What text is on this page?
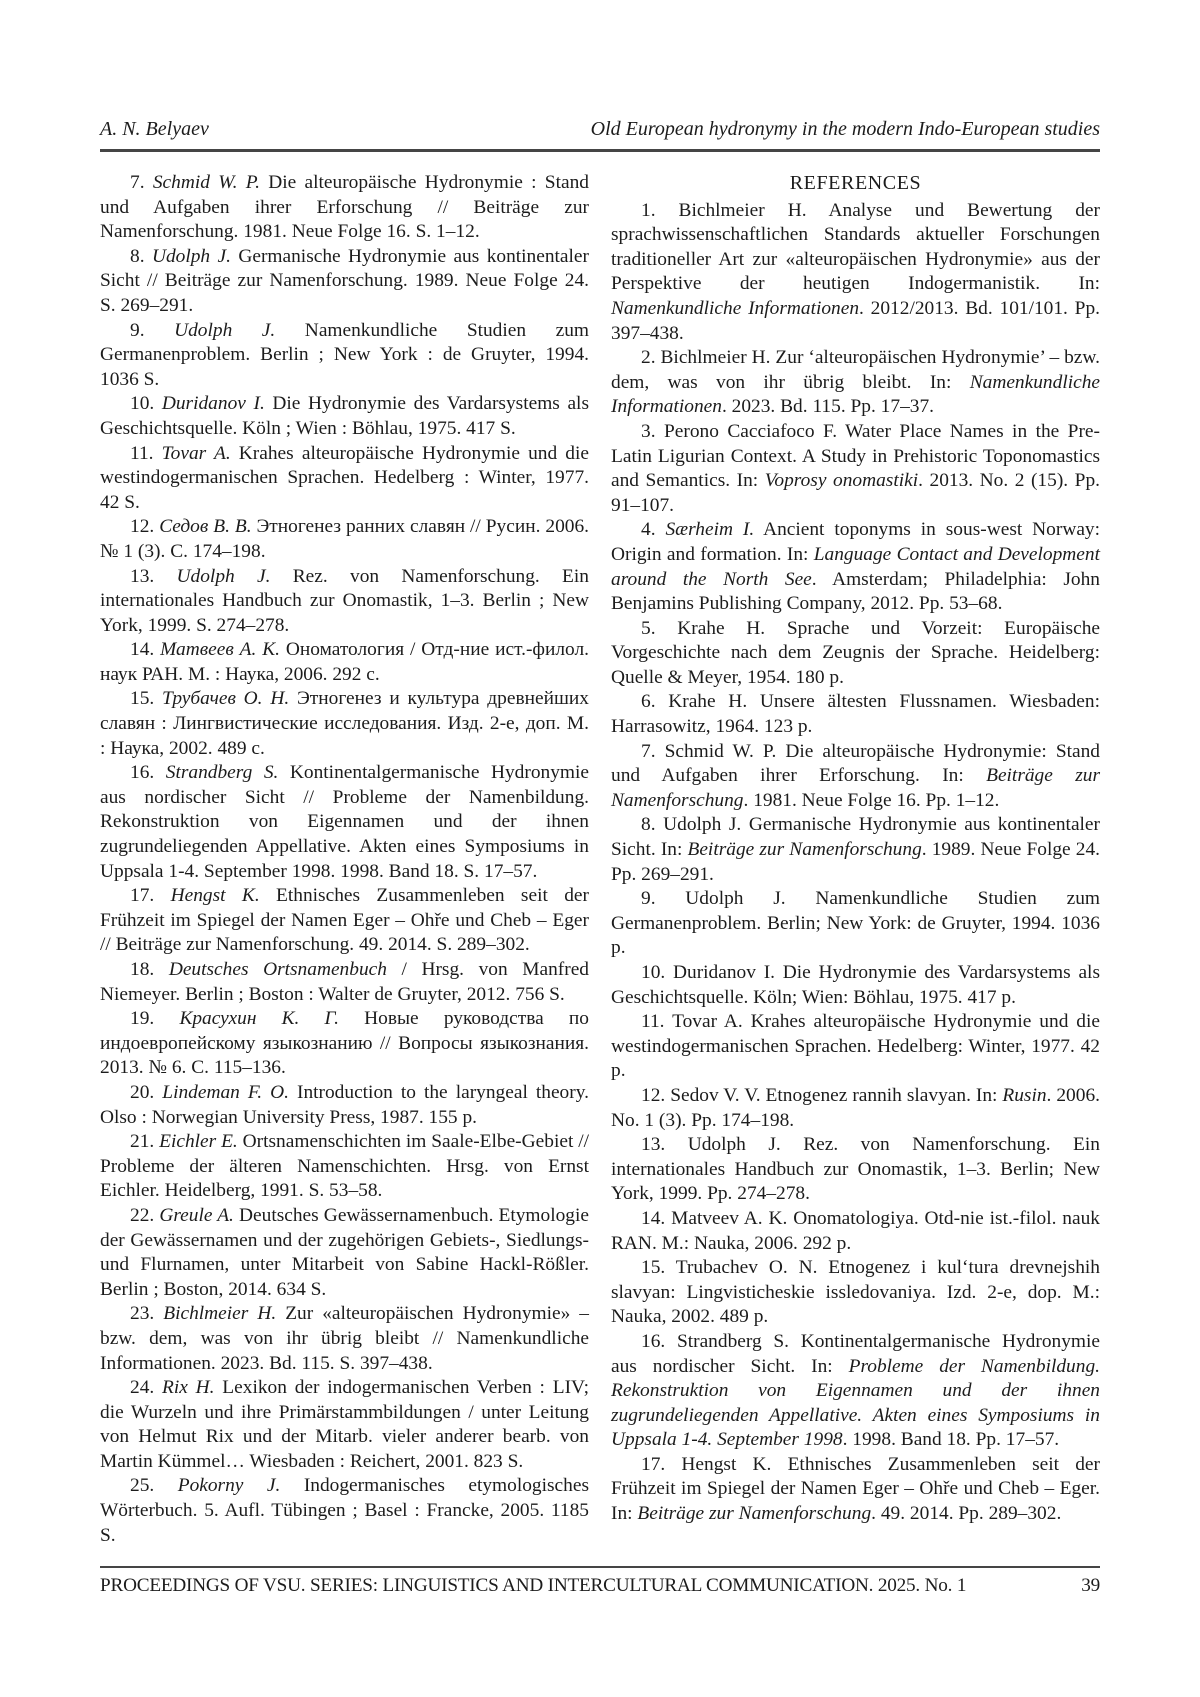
A. N. Belyaev	Old European hydronymy in the modern Indo-European studies

7. Schmid W. P. Die alteuropäische Hydronymie : Stand und Aufgaben ihrer Erforschung // Beiträge zur Namenforschung. 1981. Neue Folge 16. S. 1–12.

8. Udolph J. Germanische Hydronymie aus kontinentaler Sicht // Beiträge zur Namenforschung. 1989. Neue Folge 24. S. 269–291.

9. Udolph J. Namenkundliche Studien zum Germanenproblem. Berlin ; New York : de Gruyter, 1994. 1036 S.

10. Duridanov I. Die Hydronymie des Vardarsystems als Geschichtsquelle. Köln ; Wien : Böhlau, 1975. 417 S.

11. Tovar A. Krahes alteuropäische Hydronymie und die westindogermanischen Sprachen. Hedelberg : Winter, 1977. 42 S.

12. Седов В. В. Этногенез ранних славян // Русин. 2006. № 1 (3). С. 174–198.

13. Udolph J. Rez. von Namenforschung. Ein internationales Handbuch zur Onomastik, 1–3. Berlin ; New York, 1999. S. 274–278.

14. Матвеев А. К. Ономатология / Отд-ние ист.-филол. наук РАН. М. : Наука, 2006. 292 с.

15. Трубачев О. Н. Этногенез и культура древнейших славян : Лингвистические исследования. Изд. 2-е, доп. М. : Наука, 2002. 489 с.

16. Strandberg S. Kontinentalgermanische Hydronymie aus nordischer Sicht // Probleme der Namenbildung. Rekonstruktion von Eigennamen und der ihnen zugrundeliegenden Appellative. Akten eines Symposiums in Uppsala 1-4. September 1998. 1998. Band 18. S. 17–57.

17. Hengst K. Ethnisches Zusammenleben seit der Frühzeit im Spiegel der Namen Eger – Ohře und Cheb – Eger // Beiträge zur Namenforschung. 49. 2014. S. 289–302.

18. Deutsches Ortsnamenbuch / Hrsg. von Manfred Niemeyer. Berlin ; Boston : Walter de Gruyter, 2012. 756 S.

19. Красухин К. Г. Новые руководства по индоевропейскому языкознанию // Вопросы языкознания. 2013. № 6. С. 115–136.

20. Lindeman F. O. Introduction to the laryngeal theory. Olso : Norwegian University Press, 1987. 155 p.

21. Eichler E. Ortsnamenschichten im Saale-Elbe-Gebiet // Probleme der älteren Namenschichten. Hrsg. von Ernst Eichler. Heidelberg, 1991. S. 53–58.

22. Greule A. Deutsches Gewässernamenbuch. Etymologie der Gewässernamen und der zugehörigen Gebiets-, Siedlungs- und Flurnamen, unter Mitarbeit von Sabine Hackl-Rößler. Berlin ; Boston, 2014. 634 S.

23. Bichlmeier H. Zur «alteuropäischen Hydronymie» – bzw. dem, was von ihr übrig bleibt // Namenkundliche Informationen. 2023. Bd. 115. S. 397–438.

24. Rix H. Lexikon der indogermanischen Verben : LIV; die Wurzeln und ihre Primärstammbildungen / unter Leitung von Helmut Rix und der Mitarb. vieler anderer bearb. von Martin Kümmel… Wiesbaden : Reichert, 2001. 823 S.

25. Pokorny J. Indogermanisches etymologisches Wörterbuch. 5. Aufl. Tübingen ; Basel : Francke, 2005. 1185 S.

REFERENCES

1. Bichlmeier H. Analyse und Bewertung der sprachwissenschaftlichen Standards aktueller Forschungen traditioneller Art zur «alteuropäischen Hydronymie» aus der Perspektive der heutigen Indogermanistik. In: Namenkundliche Informationen. 2012/2013. Bd. 101/101. Pp. 397–438.

2. Bichlmeier H. Zur ‘alteuropäischen Hydronymie’ – bzw. dem, was von ihr übrig bleibt. In: Namenkundliche Informationen. 2023. Bd. 115. Pp. 17–37.

3. Perono Cacciafoco F. Water Place Names in the Pre-Latin Ligurian Context. A Study in Prehistoric Toponomastics and Semantics. In: Voprosy onomastiki. 2013. No. 2 (15). Pp. 91–107.

4. Særheim I. Ancient toponyms in sous-west Norway: Origin and formation. In: Language Contact and Development around the North See. Amsterdam; Philadelphia: John Benjamins Publishing Company, 2012. Pp. 53–68.

5. Krahe H. Sprache und Vorzeit: Europäische Vorgeschichte nach dem Zeugnis der Sprache. Heidelberg: Quelle & Meyer, 1954. 180 p.

6. Krahe H. Unsere ältesten Flussnamen. Wiesbaden: Harrasowitz, 1964. 123 p.

7. Schmid W. P. Die alteuropäische Hydronymie: Stand und Aufgaben ihrer Erforschung. In: Beiträge zur Namenforschung. 1981. Neue Folge 16. Pp. 1–12.

8. Udolph J. Germanische Hydronymie aus kontinentaler Sicht. In: Beiträge zur Namenforschung. 1989. Neue Folge 24. Pp. 269–291.

9. Udolph J. Namenkundliche Studien zum Germanenproblem. Berlin; New York: de Gruyter, 1994. 1036 p.

10. Duridanov I. Die Hydronymie des Vardarsystems als Geschichtsquelle. Köln; Wien: Böhlau, 1975. 417 p.

11. Tovar A. Krahes alteuropäische Hydronymie und die westindogermanischen Sprachen. Hedelberg: Winter, 1977. 42 p.

12. Sedov V. V. Etnogenez rannih slavyan. In: Rusin. 2006. No. 1 (3). Pp. 174–198.

13. Udolph J. Rez. von Namenforschung. Ein internationales Handbuch zur Onomastik, 1–3. Berlin; New York, 1999. Pp. 274–278.

14. Matveev A. K. Onomatologiya. Otd-nie ist.-filol. nauk RAN. M.: Nauka, 2006. 292 p.

15. Trubachev O. N. Etnogenez i kul‘tura drevnejshih slavyan: Lingvisticheskie issledovaniya. Izd. 2-e, dop. M.: Nauka, 2002. 489 p.

16. Strandberg S. Kontinentalgermanische Hydronymie aus nordischer Sicht. In: Probleme der Namenbildung. Rekonstruktion von Eigennamen und der ihnen zugrundeliegenden Appellative. Akten eines Symposiums in Uppsala 1-4. September 1998. 1998. Band 18. Pp. 17–57.

17. Hengst K. Ethnisches Zusammenleben seit der Frühzeit im Spiegel der Namen Eger – Ohře und Cheb – Eger. In: Beiträge zur Namenforschung. 49. 2014. Pp. 289–302.

PROCEEDINGS OF VSU. SERIES: LINGUISTICS AND INTERCULTURAL COMMUNICATION. 2025. No. 1	39
